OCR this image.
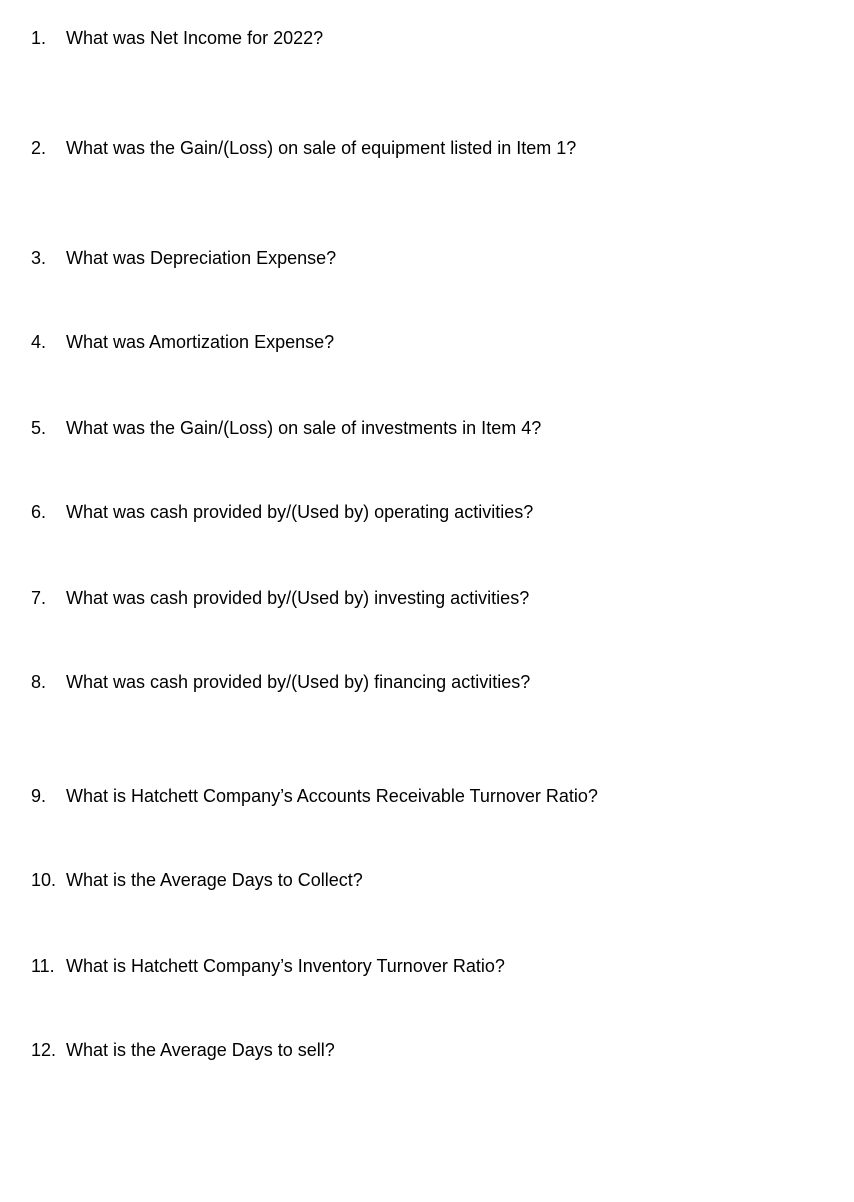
1. What was Net Income for 2022?
2. What was the Gain/(Loss) on sale of equipment listed in Item 1?
3. What was Depreciation Expense?
4. What was Amortization Expense?
5. What was the Gain/(Loss) on sale of investments in Item 4?
6. What was cash provided by/(Used by) operating activities?
7. What was cash provided by/(Used by) investing activities?
8. What was cash provided by/(Used by) financing activities?
9. What is Hatchett Company’s Accounts Receivable Turnover Ratio?
10. What is the Average Days to Collect?
11. What is Hatchett Company’s Inventory Turnover Ratio?
12. What is the Average Days to sell?
